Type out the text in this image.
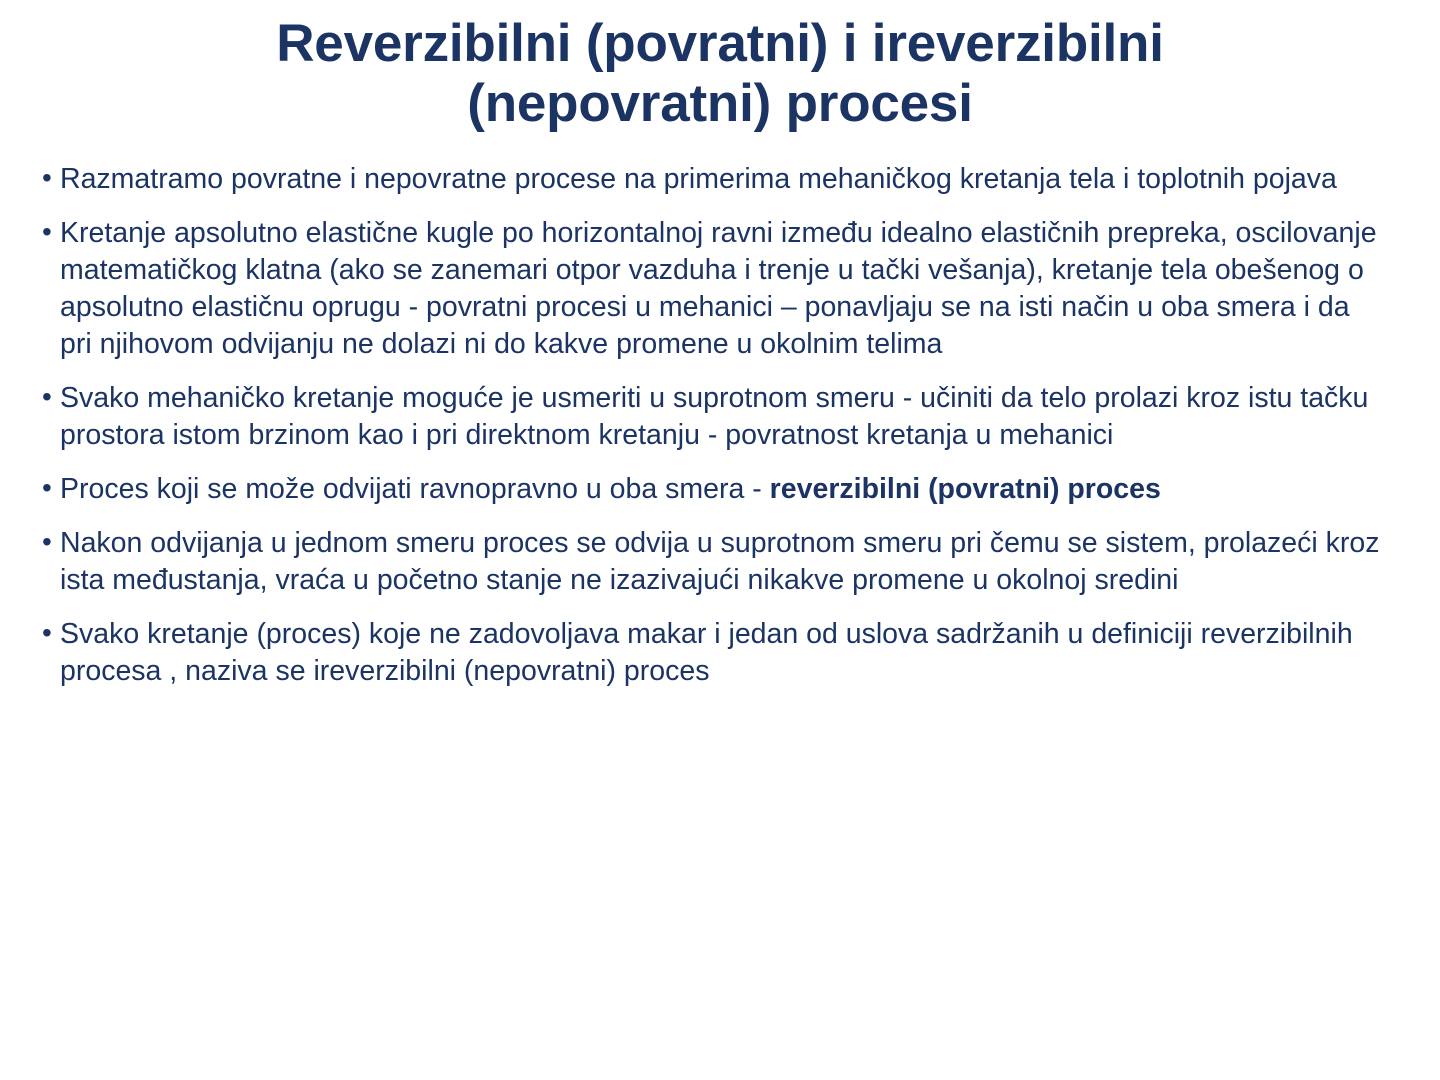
Reverzibilni (povratni) i ireverzibilni (nepovratni) procesi
• Razmatramo povratne i nepovratne procese na primerima mehaničkog kretanja tela i toplotnih pojava
• Kretanje apsolutno elastične kugle po horizontalnoj ravni između idealno elastičnih prepreka, oscilovanje matematičkog klatna (ako se zanemari otpor vazduha i trenje u tački vešanja), kretanje tela obešenog o apsolutno elastičnu oprugu - povratni procesi u mehanici – ponavljaju se na isti način u oba smera i da pri njihovom odvijanju ne dolazi ni do kakve promene u okolnim telima
• Svako mehaničko kretanje moguće je usmeriti u suprotnom smeru - učiniti da telo prolazi kroz istu tačku prostora istom brzinom kao i pri direktnom kretanju - povratnost kretanja u mehanici
• Proces koji se može odvijati ravnopravno u oba smera - reverzibilni (povratni) proces
• Nakon odvijanja u jednom smeru proces se odvija u suprotnom smeru pri čemu se sistem, prolazeći kroz ista međustanja, vraća u početno stanje ne izazivajući nikakve promene u okolnoj sredini
• Svako kretanje (proces) koje ne zadovoljava makar i jedan od uslova sadržanih u definiciji reverzibilnih procesa , naziva se ireverzibilni (nepovratni) proces
